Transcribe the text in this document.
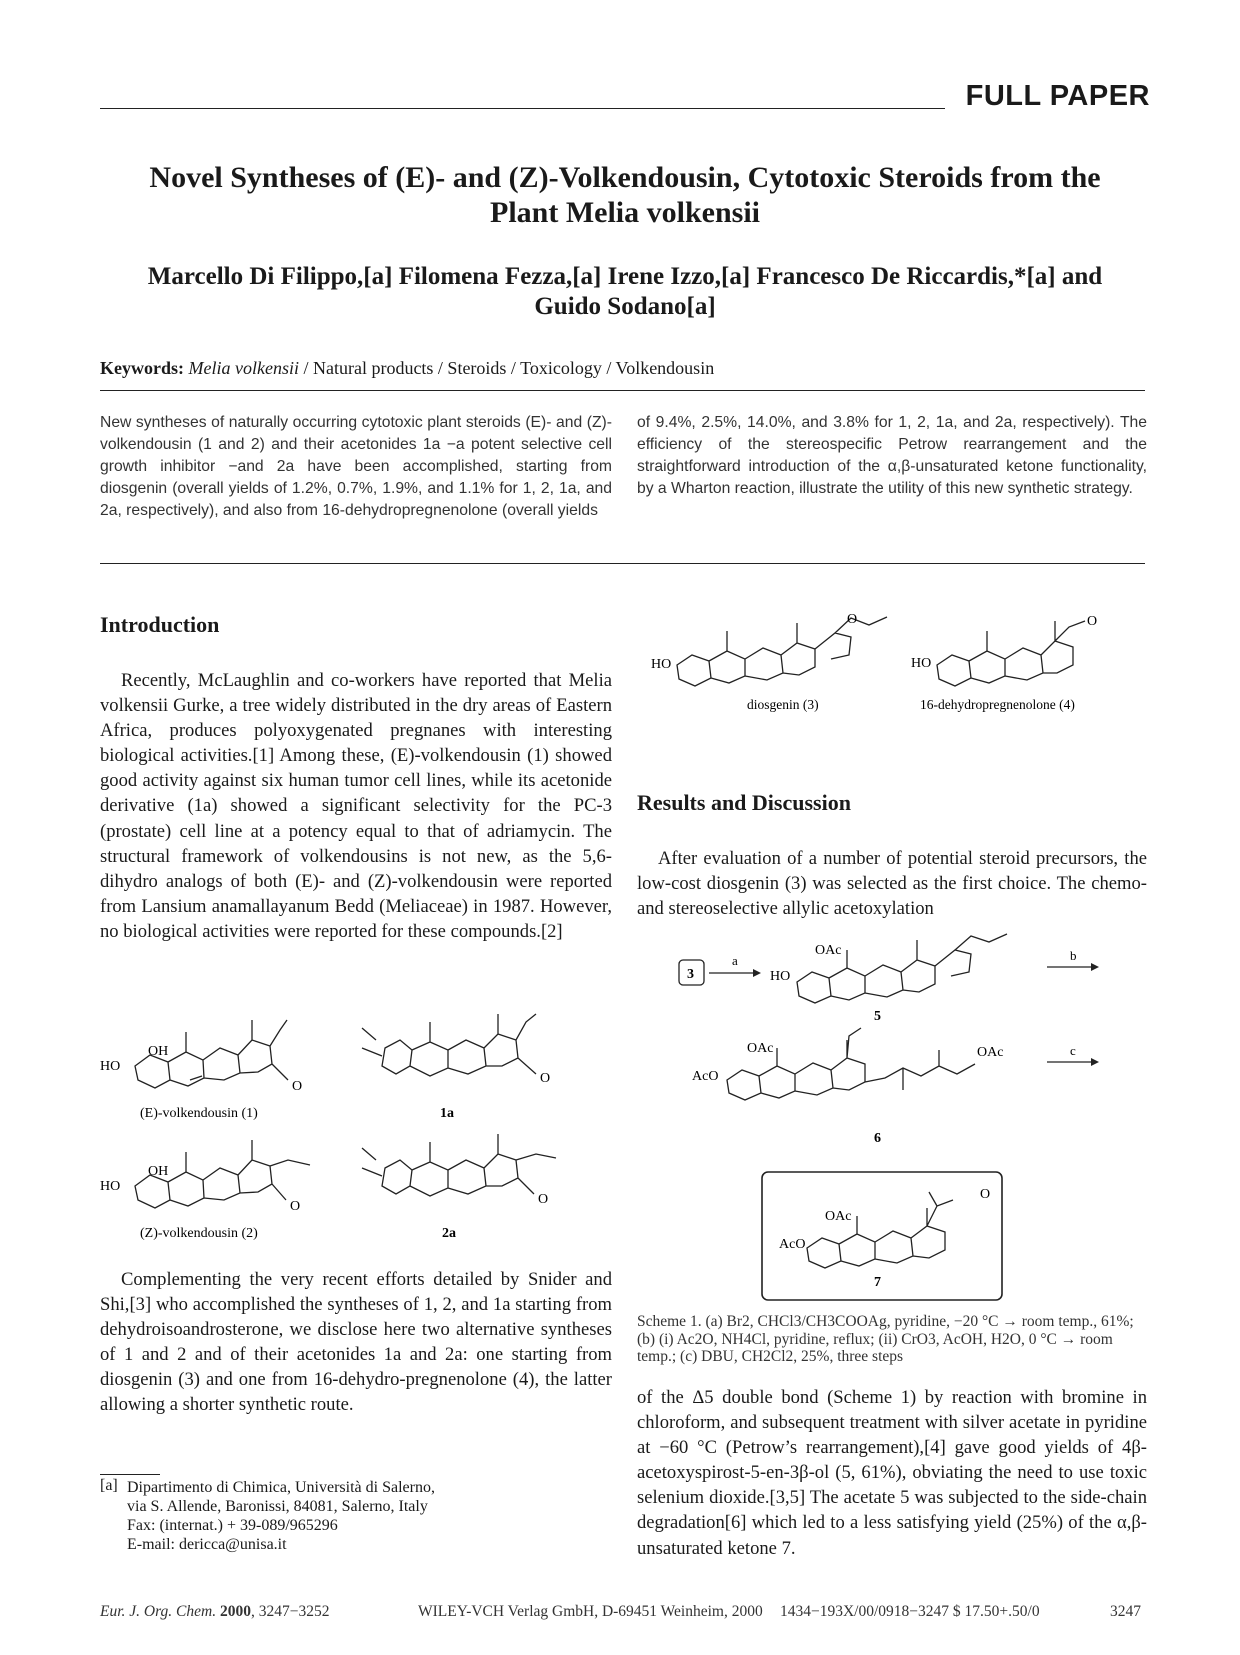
FULL PAPER
Novel Syntheses of (E)- and (Z)-Volkendousin, Cytotoxic Steroids from the
Plant Melia volkensii
Marcello Di Filippo,[a] Filomena Fezza,[a] Irene Izzo,[a] Francesco De Riccardis,*[a] and
Guido Sodano[a]
Keywords: Melia volkensii / Natural products / Steroids / Toxicology / Volkendousin
New syntheses of naturally occurring cytotoxic plant steroids (E)- and (Z)-volkendousin (1 and 2) and their acetonides 1a −a potent selective cell growth inhibitor −and 2a have been accomplished, starting from diosgenin (overall yields of 1.2%, 0.7%, 1.9%, and 1.1% for 1, 2, 1a, and 2a, respectively), and also from 16-dehydropregnenolone (overall yields
of 9.4%, 2.5%, 14.0%, and 3.8% for 1, 2, 1a, and 2a, respectively). The efficiency of the stereospecific Petrow rearrangement and the straightforward introduction of the α,β-unsaturated ketone functionality, by a Wharton reaction, illustrate the utility of this new synthetic strategy.
Introduction

Recently, McLaughlin and co-workers have reported that Melia volkensii Gurke, a tree widely distributed in the dry areas of Eastern Africa, produces polyoxygenated pregnanes with interesting biological activities.[1] Among these, (E)-volkendousin (1) showed good activity against six human tumor cell lines, while its acetonide derivative (1a) showed a significant selectivity for the PC-3 (prostate) cell line at a potency equal to that of adriamycin. The structural framework of volkendousins is not new, as the 5,6-dihydro analogs of both (E)- and (Z)-volkendousin were reported from Lansium anamallayanum Bedd (Meliaceae) in 1987. However, no biological activities were reported for these compounds.[2]

HO
OH
O
(E)-volkendousin (1)
O
1a
HO
OH
O
(Z)-volkendousin (2)
O
2a

Complementing the very recent efforts detailed by Snider and Shi,[3] who accomplished the syntheses of 1, 2, and 1a starting from dehydroisoandrosterone, we disclose here two alternative syntheses of 1 and 2 and of their acetonides 1a and 2a: one starting from diosgenin (3) and one from 16-dehydro-pregnenolone (4), the latter allowing a shorter synthetic route.

[a] Dipartimento di Chimica, Università di Salerno,
via S. Allende, Baronissi, 84081, Salerno, Italy
Fax: (internat.) + 39-089/965296
E-mail: dericca@unisa.it
HO
O
diosgenin (3)
HO
O
16-dehydropregnenolone (4)
Results and Discussion

After evaluation of a number of potential steroid precursors, the low-cost diosgenin (3) was selected as the first choice. The chemo- and stereoselective allylic acetoxylation

3
a
HO
OAc	b
5
AcO
OAc	OAc	c
6
AcO
OAc
O
7
Scheme 1. (a) Br2, CHCl3/CH3COOAg, pyridine, −20 °C → room temp., 61%; (b) (i) Ac2O, NH4Cl, pyridine, reflux; (ii) CrO3, AcOH, H2O, 0 °C → room temp.; (c) DBU, CH2Cl2, 25%, three steps

of the Δ5 double bond (Scheme 1) by reaction with bromine in chloroform, and subsequent treatment with silver acetate in pyridine at −60 °C (Petrow’s rearrangement),[4] gave good yields of 4β-acetoxyspirost-5-en-3β-ol (5, 61%), obviating the need to use toxic selenium dioxide.[3,5] The acetate 5 was subjected to the side-chain degradation[6] which led to a less satisfying yield (25%) of the α,β-unsaturated ketone 7.

Eur. J. Org. Chem. 2000, 3247−3252	WILEY-VCH Verlag GmbH, D-69451 Weinheim, 2000 1434−193X/00/0918−3247 $ 17.50+.50/0	3247
